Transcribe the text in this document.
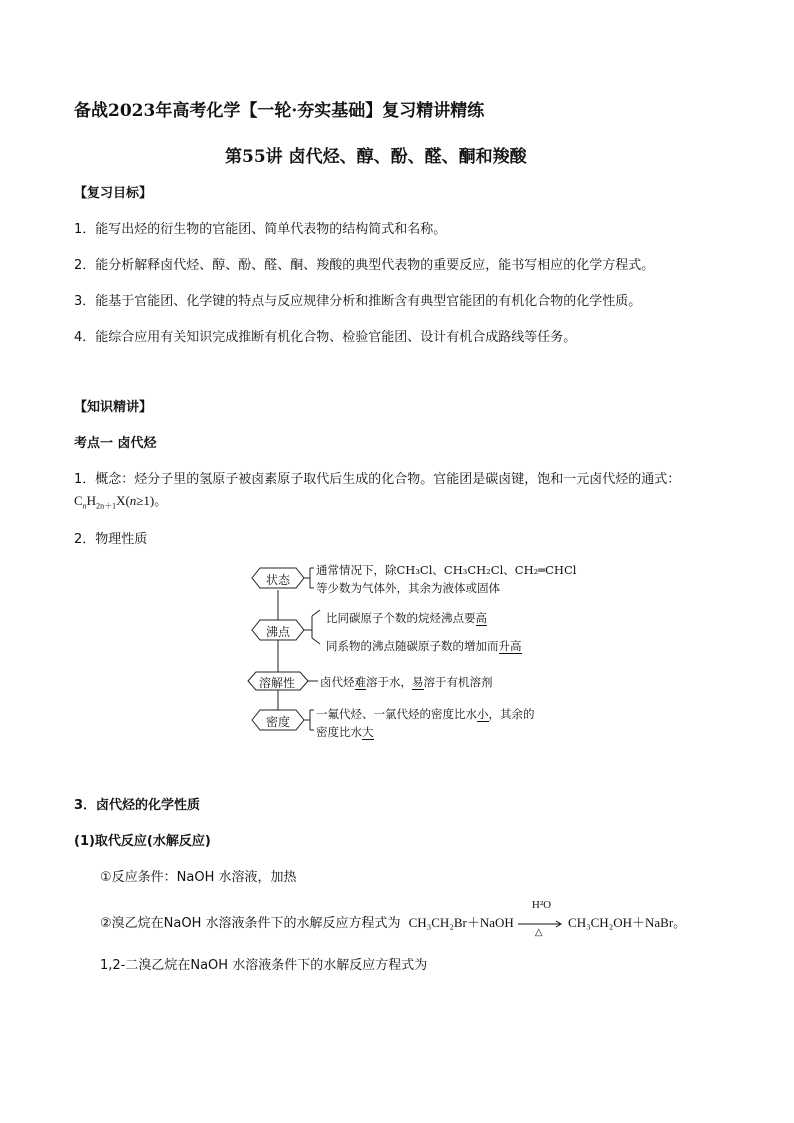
备战2023年高考化学【一轮·夯实基础】复习精讲精练
第55讲 卤代烃、醇、酚、醛、酮和羧酸
【复习目标】
1．能写出烃的衍生物的官能团、简单代表物的结构简式和名称。
2．能分析解释卤代烃、醇、酚、醛、酮、羧酸的典型代表物的重要反应，能书写相应的化学方程式。
3．能基于官能团、化学键的特点与反应规律分析和推断含有典型官能团的有机化合物的化学性质。
4．能综合应用有关知识完成推断有机化合物、检验官能团、设计有机合成路线等任务。
【知识精讲】
考点一 卤代烃
1．概念：烃分子里的氢原子被卤素原子取代后生成的化合物。官能团是碳卤键，饱和一元卤代烃的通式：
$C_nH_{2n+1}X(n\ge 1)$。
2．物理性质
状态
沸点
溶解性
密度
通常情况下，除CH₃Cl、CH₃CH₂Cl、CH₂═CHCl
等少数为气体外，其余为液体或固体
比同碳原子个数的烷烃沸点要高
同系物的沸点随碳原子数的增加而升高
卤代烃难溶于水，易溶于有机溶剂
一氟代烃、一氯代烃的密度比水小，其余的
密度比水大
3．卤代烃的化学性质
(1)取代反应(水解反应)
①反应条件：NaOH 水溶液，加热
②溴乙烷在NaOH 水溶液条件下的水解反应方程式为 CH₃CH₂Br＋NaOH
H²O
△
CH₃CH₂OH＋NaBr。
1,2-二溴乙烷在NaOH 水溶液条件下的水解反应方程式为
